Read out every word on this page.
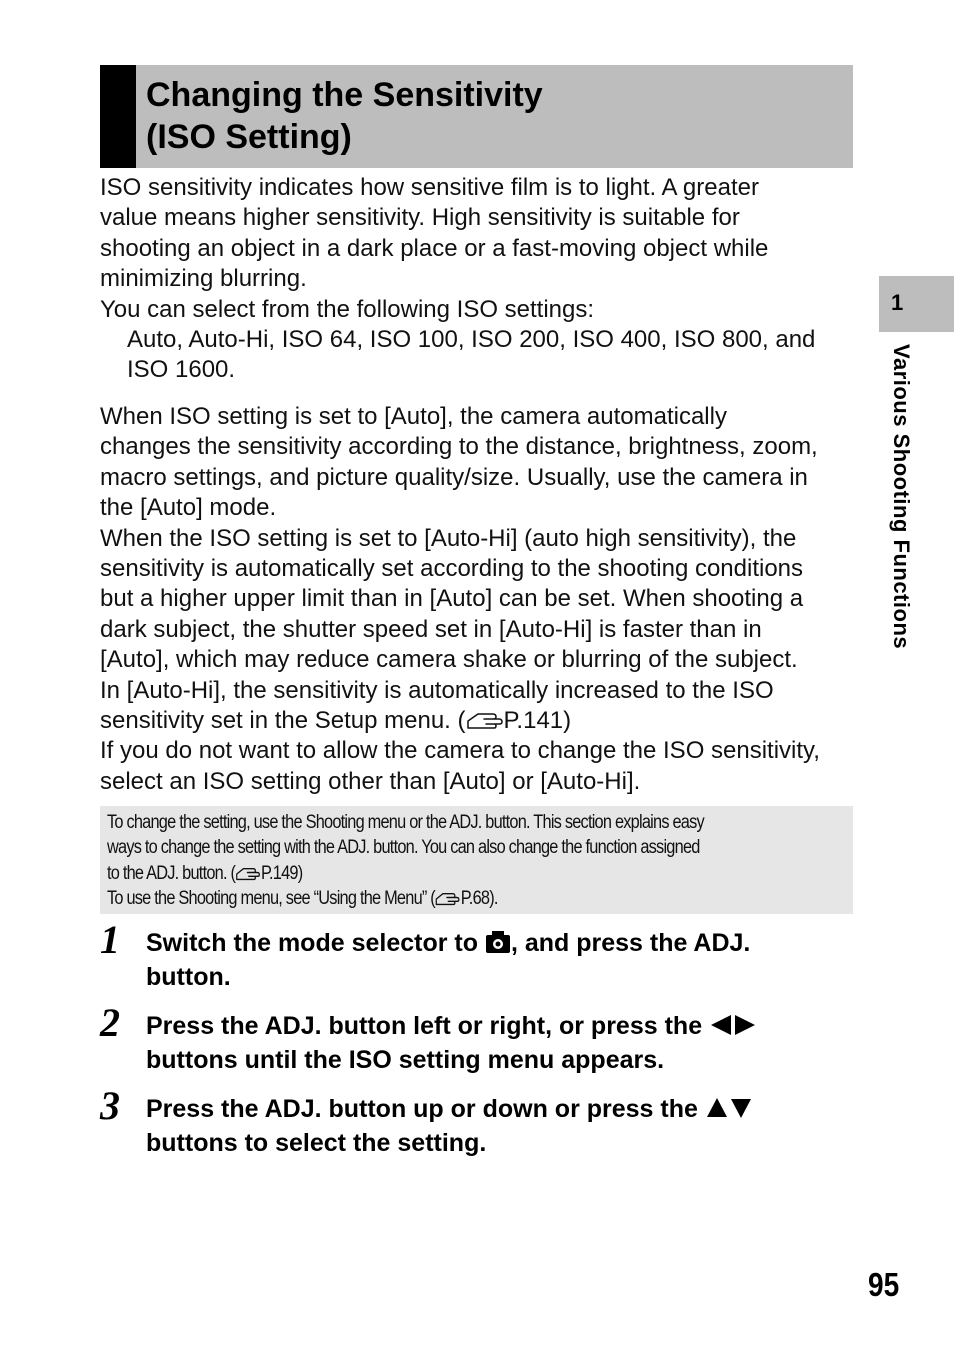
Changing the Sensitivity
(ISO Setting)
ISO sensitivity indicates how sensitive film is to light. A greater
value means higher sensitivity. High sensitivity is suitable for
shooting an object in a dark place or a fast-moving object while
minimizing blurring.
You can select from the following ISO settings:
Auto, Auto-Hi, ISO 64, ISO 100, ISO 200, ISO 400, ISO 800, and
ISO 1600.
When ISO setting is set to [Auto], the camera automatically
changes the sensitivity according to the distance, brightness, zoom,
macro settings, and picture quality/size. Usually, use the camera in
the [Auto] mode.
When the ISO setting is set to [Auto-Hi] (auto high sensitivity), the
sensitivity is automatically set according to the shooting conditions
but a higher upper limit than in [Auto] can be set. When shooting a
dark subject, the shutter speed set in [Auto-Hi] is faster than in
[Auto], which may reduce camera shake or blurring of the subject.
In [Auto-Hi], the sensitivity is automatically increased to the ISO
sensitivity set in the Setup menu. ( P.141)
If you do not want to allow the camera to change the ISO sensitivity,
select an ISO setting other than [Auto] or [Auto-Hi].
To change the setting, use the Shooting menu or the ADJ. button. This section explains easy
ways to change the setting with the ADJ. button. You can also change the function assigned
to the ADJ. button. ( P.149)
To use the Shooting menu, see “Using the Menu” ( P.68).
1 Switch the mode selector to , and press the ADJ.
button.
2 Press the ADJ. button left or right, or press the
buttons until the ISO setting menu appears.
3 Press the ADJ. button up or down or press the
buttons to select the setting.
1
Various Shooting Functions
95
